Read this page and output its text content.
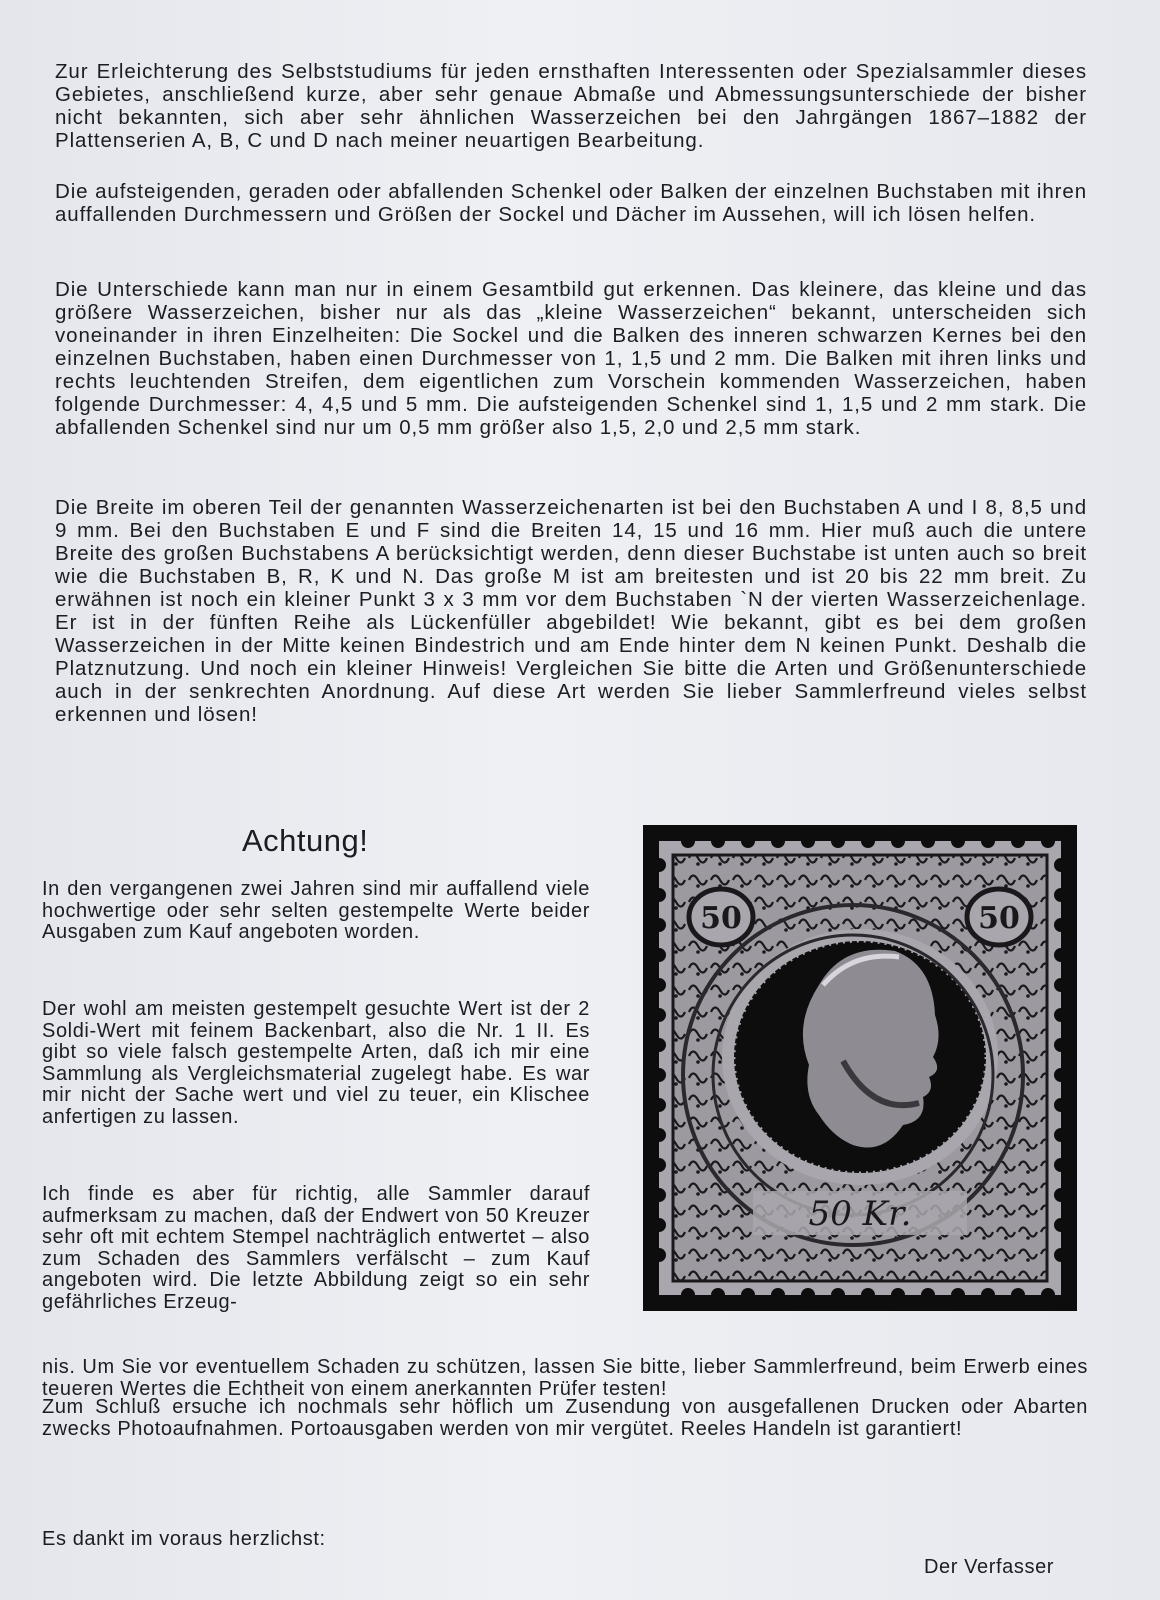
Zur Erleichterung des Selbststudiums für jeden ernsthaften Interessenten oder Spezialsammler dieses Gebietes, anschließend kurze, aber sehr genaue Abmaße und Abmessungsunterschiede der bisher nicht bekannten, sich aber sehr ähnlichen Wasserzeichen bei den Jahrgängen 1867–1882 der Plattenserien A, B, C und D nach meiner neuartigen Bearbeitung.

Die aufsteigenden, geraden oder abfallenden Schenkel oder Balken der einzelnen Buchstaben mit ihren auffallenden Durchmessern und Größen der Sockel und Dächer im Aussehen, will ich lösen helfen.

Die Unterschiede kann man nur in einem Gesamtbild gut erkennen. Das kleinere, das kleine und das größere Wasserzeichen, bisher nur als das „kleine Wasserzeichen“ bekannt, unterscheiden sich voneinander in ihren Einzelheiten: Die Sockel und die Balken des inneren schwarzen Kernes bei den einzelnen Buchstaben, haben einen Durchmesser von 1, 1,5 und 2 mm. Die Balken mit ihren links und rechts leuchtenden Streifen, dem eigentlichen zum Vorschein kommenden Wasserzeichen, haben folgende Durchmesser: 4, 4,5 und 5 mm. Die aufsteigenden Schenkel sind 1, 1,5 und 2 mm stark. Die abfallenden Schenkel sind nur um 0,5 mm größer also 1,5, 2,0 und 2,5 mm stark.

Die Breite im oberen Teil der genannten Wasserzeichenarten ist bei den Buchstaben A und I 8, 8,5 und 9 mm. Bei den Buchstaben E und F sind die Breiten 14, 15 und 16 mm. Hier muß auch die untere Breite des großen Buchstabens A berücksichtigt werden, denn dieser Buchstabe ist unten auch so breit wie die Buchstaben B, R, K und N. Das große M ist am breitesten und ist 20 bis 22 mm breit. Zu erwähnen ist noch ein kleiner Punkt 3 x 3 mm vor dem Buchstaben `N der vierten Wasserzeichenlage. Er ist in der fünften Reihe als Lückenfüller abgebildet! Wie bekannt, gibt es bei dem großen Wasserzeichen in der Mitte keinen Bindestrich und am Ende hinter dem N keinen Punkt. Deshalb die Platznutzung. Und noch ein kleiner Hinweis! Vergleichen Sie bitte die Arten und Größenunterschiede auch in der senkrechten Anordnung. Auf diese Art werden Sie lieber Sammlerfreund vieles selbst erkennen und lösen!

Achtung!

In den vergangenen zwei Jahren sind mir auffallend viele hochwertige oder sehr selten gestempelte Werte beider Ausgaben zum Kauf angeboten worden.

Der wohl am meisten gestempelt gesuchte Wert ist der 2 Soldi-Wert mit feinem Backenbart, also die Nr. 1 II. Es gibt so viele falsch gestempelte Arten, daß ich mir eine Sammlung als Vergleichsmaterial zugelegt habe. Es war mir nicht der Sache wert und viel zu teuer, ein Klischee anfertigen zu lassen.

Ich finde es aber für richtig, alle Sammler darauf aufmerksam zu machen, daß der Endwert von 50 Kreuzer sehr oft mit echtem Stempel nachträglich entwertet – also zum Schaden des Sammlers verfälscht – zum Kauf angeboten wird. Die letzte Abbildung zeigt so ein sehr gefährliches Erzeug-

nis. Um Sie vor eventuellem Schaden zu schützen, lassen Sie bitte, lieber Sammlerfreund, beim Erwerb eines teueren Wertes die Echtheit von einem anerkannten Prüfer testen!

Zum Schluß ersuche ich nochmals sehr höflich um Zusendung von ausgefallenen Drucken oder Abarten zwecks Photoaufnahmen. Portoausgaben werden von mir vergütet. Reeles Handeln ist garantiert!

50	50
50 Kr.

Es dankt im voraus herzlichst:

Der Verfasser
